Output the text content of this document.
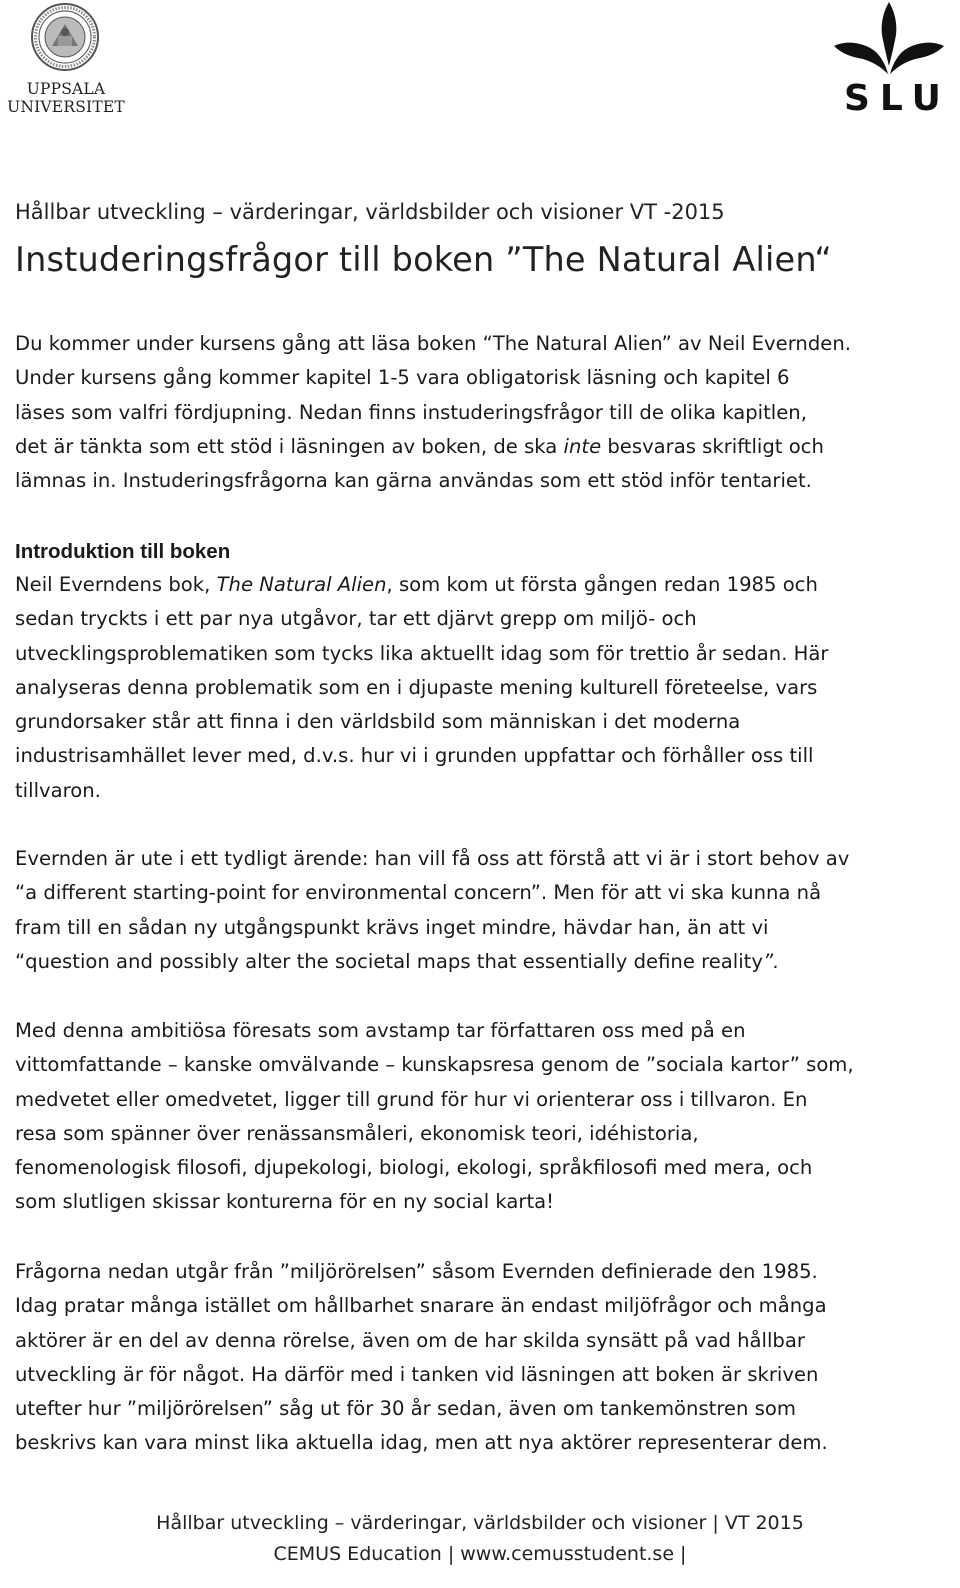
UPPSALA
UNIVERSITET	SLU
Hållbar utveckling – värderingar, världsbilder och visioner VT -2015
Instuderingsfrågor till boken ”The Natural Alien“
Du kommer under kursens gång att läsa boken “The Natural Alien” av Neil Evernden.
Under kursens gång kommer kapitel 1-5 vara obligatorisk läsning och kapitel 6
läses som valfri fördjupning. Nedan finns instuderingsfrågor till de olika kapitlen,
det är tänkta som ett stöd i läsningen av boken, de ska inte besvaras skriftligt och
lämnas in. Instuderingsfrågorna kan gärna användas som ett stöd inför tentariet.
Introduktion till boken
Neil Everndens bok, The Natural Alien, som kom ut första gången redan 1985 och
sedan tryckts i ett par nya utgåvor, tar ett djärvt grepp om miljö- och
utvecklingsproblematiken som tycks lika aktuellt idag som för trettio år sedan. Här
analyseras denna problematik som en i djupaste mening kulturell företeelse, vars
grundorsaker står att finna i den världsbild som människan i det moderna
industrisamhället lever med, d.v.s. hur vi i grunden uppfattar och förhåller oss till
tillvaron.
Evernden är ute i ett tydligt ärende: han vill få oss att förstå att vi är i stort behov av
“a different starting-point for environmental concern”. Men för att vi ska kunna nå
fram till en sådan ny utgångspunkt krävs inget mindre, hävdar han, än att vi
“question and possibly alter the societal maps that essentially define reality”.
Med denna ambitiösa föresats som avstamp tar författaren oss med på en
vittomfattande – kanske omvälvande – kunskapsresa genom de ”sociala kartor” som,
medvetet eller omedvetet, ligger till grund för hur vi orienterar oss i tillvaron. En
resa som spänner över renässansmåleri, ekonomisk teori, idéhistoria,
fenomenologisk filosofi, djupekologi, biologi, ekologi, språkfilosofi med mera, och
som slutligen skissar konturerna för en ny social karta!
Frågorna nedan utgår från ”miljörörelsen” såsom Evernden definierade den 1985.
Idag pratar många istället om hållbarhet snarare än endast miljöfrågor och många
aktörer är en del av denna rörelse, även om de har skilda synsätt på vad hållbar
utveckling är för något. Ha därför med i tanken vid läsningen att boken är skriven
utefter hur ”miljörörelsen” såg ut för 30 år sedan, även om tankemönstren som
beskrivs kan vara minst lika aktuella idag, men att nya aktörer representerar dem.
Hållbar utveckling – värderingar, världsbilder och visioner | VT 2015
CEMUS Education | www.cemusstudent.se |
